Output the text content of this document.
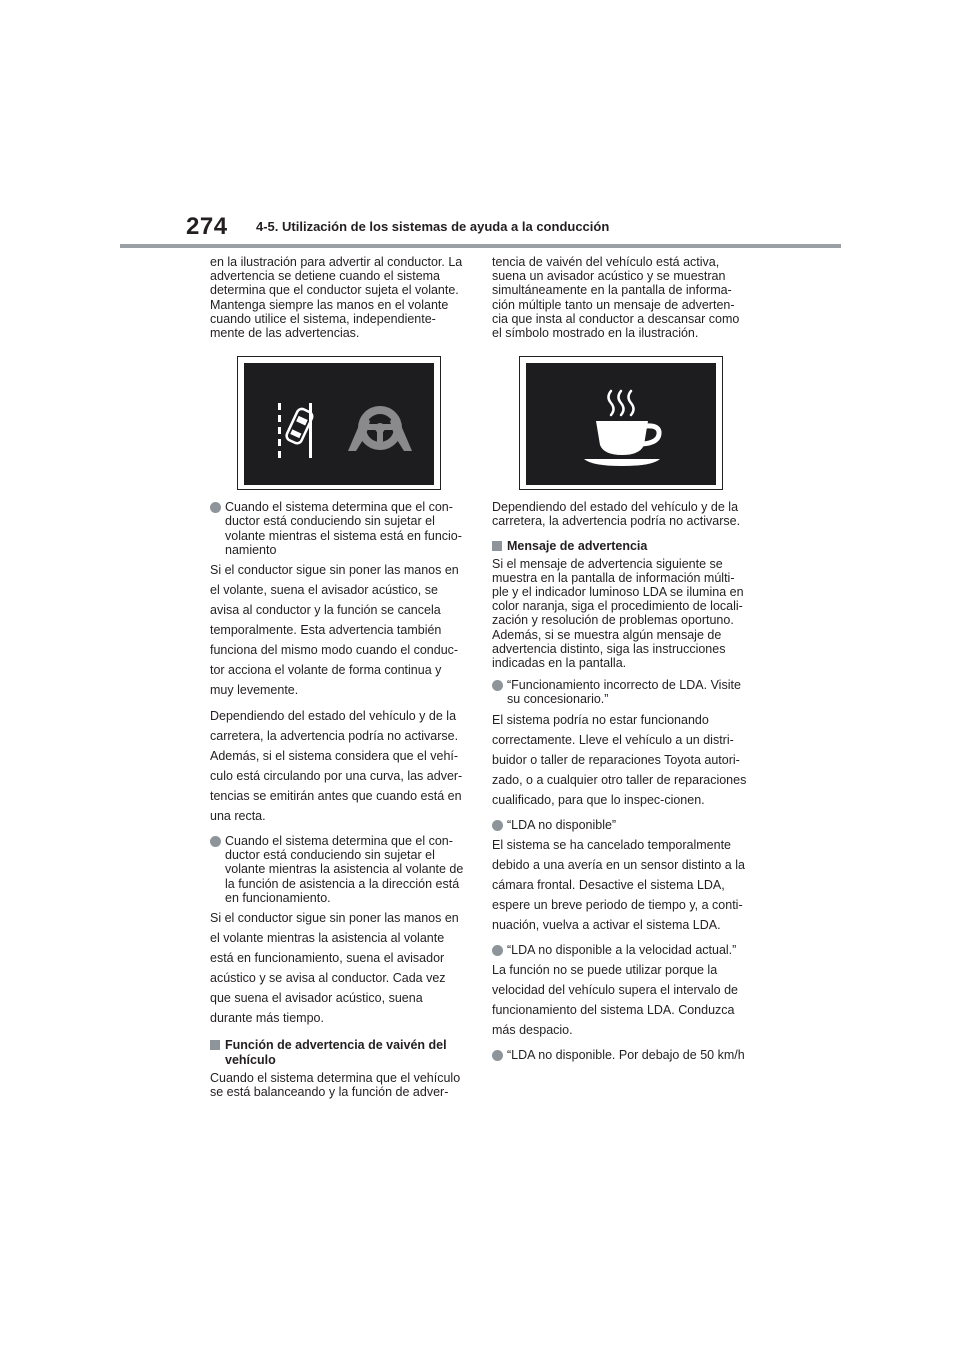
274 4-5. Utilización de los sistemas de ayuda a la conducción

en la ilustración para advertir al conductor. La advertencia se detiene cuando el sistema determina que el conductor sujeta el volante. Mantenga siempre las manos en el volante cuando utilice el sistema, independiente-mente de las advertencias.

Cuando el sistema determina que el con-ductor está conduciendo sin sujetar el volante mientras el sistema está en funcio-namiento

Si el conductor sigue sin poner las manos en el volante, suena el avisador acústico, se avisa al conductor y la función se cancela temporalmente. Esta advertencia también funciona del mismo modo cuando el conduc-tor acciona el volante de forma continua y muy levemente.

Dependiendo del estado del vehículo y de la carretera, la advertencia podría no activarse. Además, si el sistema considera que el vehí-culo está circulando por una curva, las adver-tencias se emitirán antes que cuando está en una recta.

Cuando el sistema determina que el con-ductor está conduciendo sin sujetar el volante mientras la asistencia al volante de la función de asistencia a la dirección está en funcionamiento.

Si el conductor sigue sin poner las manos en el volante mientras la asistencia al volante está en funcionamiento, suena el avisador acústico y se avisa al conductor. Cada vez que suena el avisador acústico, suena durante más tiempo.

Función de advertencia de vaivén del vehículo

Cuando el sistema determina que el vehículo se está balanceando y la función de adver-

tencia de vaivén del vehículo está activa, suena un avisador acústico y se muestran simultáneamente en la pantalla de informa-ción múltiple tanto un mensaje de adverten-cia que insta al conductor a descansar como el símbolo mostrado en la ilustración.

Dependiendo del estado del vehículo y de la carretera, la advertencia podría no activarse.

Mensaje de advertencia

Si el mensaje de advertencia siguiente se muestra en la pantalla de información múlti-ple y el indicador luminoso LDA se ilumina en color naranja, siga el procedimiento de locali-zación y resolución de problemas oportuno. Además, si se muestra algún mensaje de advertencia distinto, siga las instrucciones indicadas en la pantalla.

“Funcionamiento incorrecto de LDA. Visite su concesionario.”

El sistema podría no estar funcionando correctamente. Lleve el vehículo a un distri-buidor o taller de reparaciones Toyota autori-zado, o a cualquier otro taller de reparaciones cualificado, para que lo inspec-cionen.

“LDA no disponible”

El sistema se ha cancelado temporalmente debido a una avería en un sensor distinto a la cámara frontal. Desactive el sistema LDA, espere un breve periodo de tiempo y, a conti-nuación, vuelva a activar el sistema LDA.

“LDA no disponible a la velocidad actual.”

La función no se puede utilizar porque la velocidad del vehículo supera el intervalo de funcionamiento del sistema LDA. Conduzca más despacio.

“LDA no disponible. Por debajo de 50 km/h
